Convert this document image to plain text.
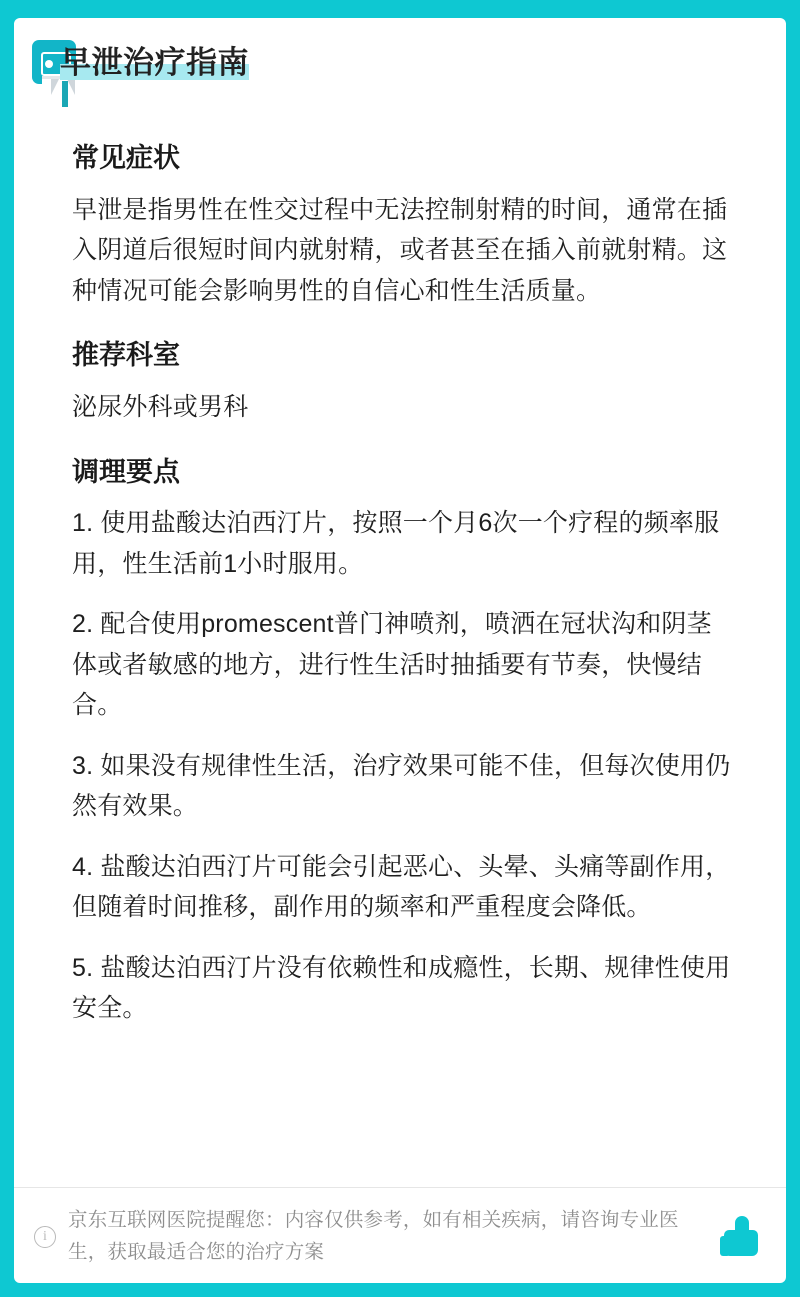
早泄治疗指南
常见症状

早泄是指男性在性交过程中无法控制射精的时间，通常在插入阴道后很短时间内就射精，或者甚至在插入前就射精。这种情况可能会影响男性的自信心和性生活质量。

推荐科室

泌尿外科或男科

调理要点

1. 使用盐酸达泊西汀片，按照一个月6次一个疗程的频率服用，性生活前1小时服用。

2. 配合使用promescent普门神喷剂，喷洒在冠状沟和阴茎体或者敏感的地方，进行性生活时抽插要有节奏，快慢结合。

3. 如果没有规律性生活，治疗效果可能不佳，但每次使用仍然有效果。

4. 盐酸达泊西汀片可能会引起恶心、头晕、头痛等副作用，但随着时间推移，副作用的频率和严重程度会降低。

5. 盐酸达泊西汀片没有依赖性和成瘾性，长期、规律性使用安全。

i
京东互联网医院提醒您：内容仅供参考，如有相关疾病，请咨询专业医生，获取最适合您的治疗方案
